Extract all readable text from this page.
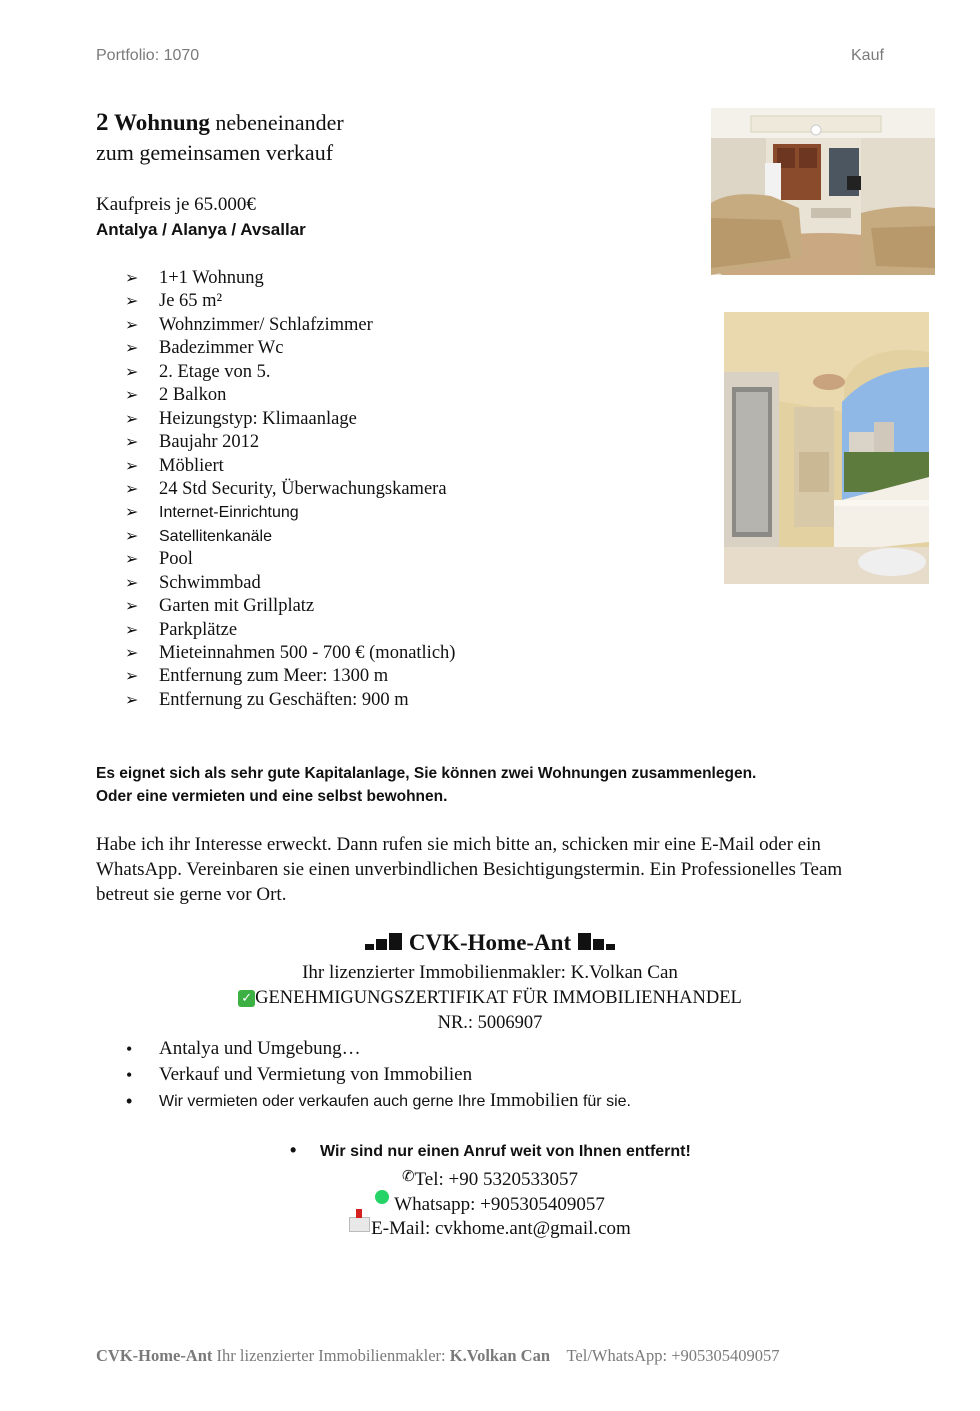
Portfolio: 1070	Kauf
2 Wohnung nebeneinander
zum gemeinsamen verkauf
Kaufpreis je 65.000€
Antalya / Alanya / Avsallar
➢ 1+1 Wohnung
➢ Je 65 m²
➢ Wohnzimmer/ Schlafzimmer
➢ Badezimmer Wc
➢ 2. Etage von 5.
➢ 2 Balkon
➢ Heizungstyp: Klimaanlage
➢ Baujahr 2012
➢ Möbliert
➢ 24 Std Security, Überwachungskamera
➢ Internet-Einrichtung
➢ Satellitenkanäle
➢ Pool
➢ Schwimmbad
➢ Garten mit Grillplatz
➢ Parkplätze
➢ Mieteinnahmen 500 - 700 € (monatlich)
➢ Entfernung zum Meer: 1300 m
➢ Entfernung zu Geschäften: 900 m
Es eignet sich als sehr gute Kapitalanlage, Sie können zwei Wohnungen zusammenlegen.
Oder eine vermieten und eine selbst bewohnen.
Habe ich ihr Interesse erweckt. Dann rufen sie mich bitte an, schicken mir eine E-Mail oder ein WhatsApp. Vereinbaren sie einen unverbindlichen Besichtigungstermin. Ein Professionelles Team betreut sie gerne vor Ort.
CVK-Home-Ant
Ihr lizenzierter Immobilienmakler: K.Volkan Can
✓ GENEHMIGUNGSZERTIFIKAT FÜR IMMOBILIENHANDEL
NR.: 5006907
• Antalya und Umgebung…
• Verkauf und Vermietung von Immobilien
• Wir vermieten oder verkaufen auch gerne Ihre Immobilien für sie.
• Wir sind nur einen Anruf weit von Ihnen entfernt!
✆Tel: +90 5320533057
Whatsapp: +905305409057
E-Mail: cvkhome.ant@gmail.com
CVK-Home-Ant Ihr lizenzierter Immobilienmakler: K.Volkan Can Tel/WhatsApp: +905305409057
